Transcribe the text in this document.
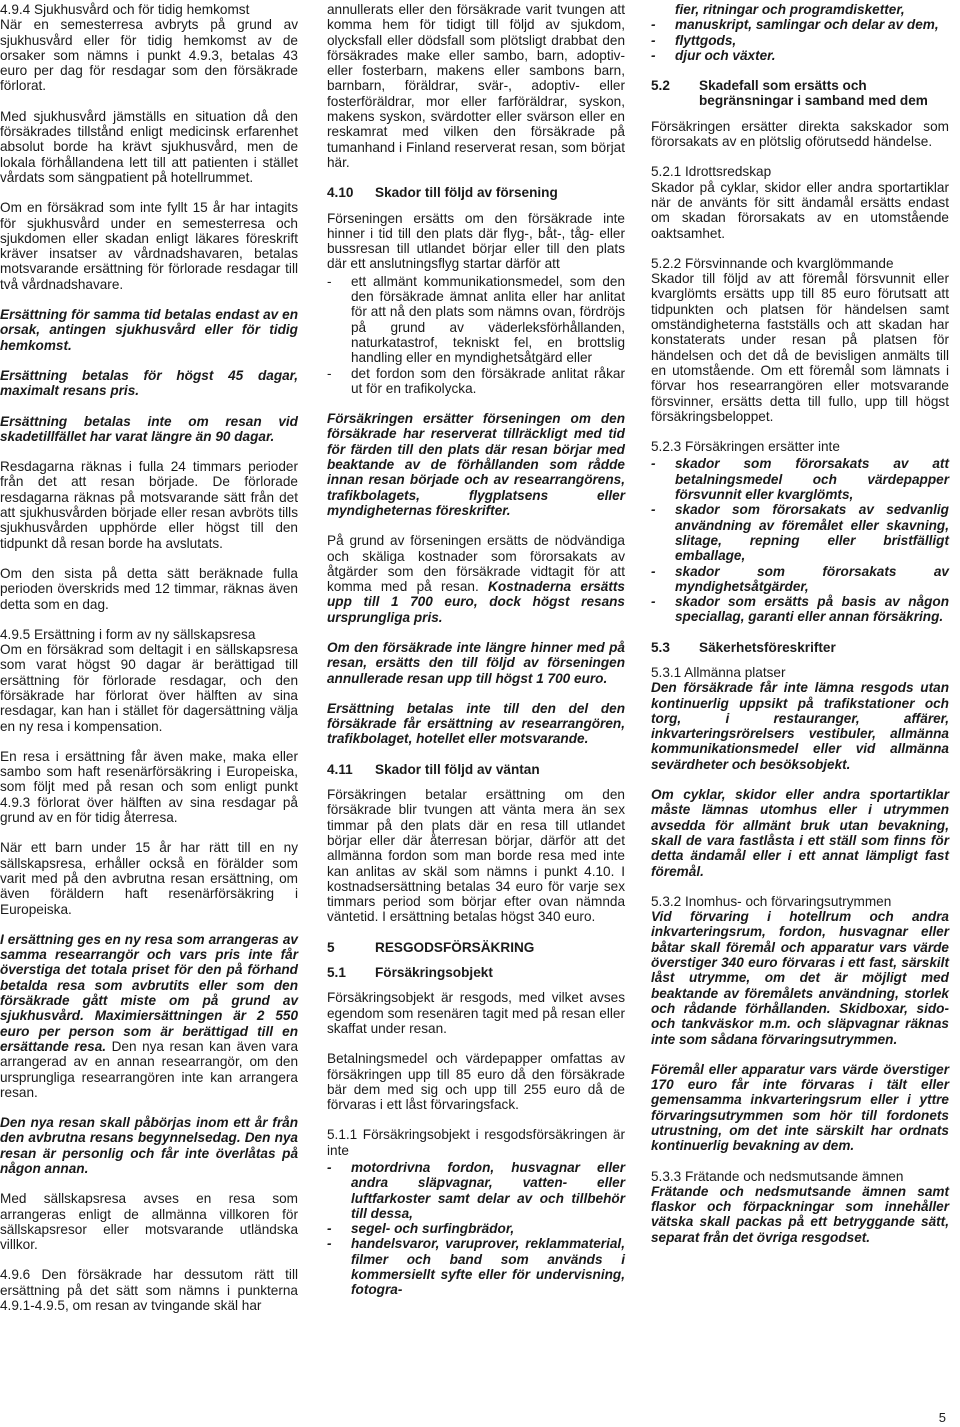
4.9.4 Sjukhusvård och för tidig hemkomst
När en semesterresa avbryts på grund av sjukhusvård eller för tidig hemkomst av de orsaker som nämns i punkt 4.9.3, betalas 43 euro per dag för resdagar som den försäkrade förlorat.
Med sjukhusvård jämställs en situation då den försäkrades tillstånd enligt medicinsk erfarenhet absolut borde ha krävt sjukhusvård, men de lokala förhållandena lett till att patienten i stället vårdats som sängpatient på hotellrummet.
Om en försäkrad som inte fyllt 15 år har intagits för sjukhusvård under en semesterresa och sjukdomen eller skadan enligt läkares föreskrift kräver insatser av vårdnadshavaren, betalas motsvarande ersättning för förlorade resdagar till två vårdnadshavare.
Ersättning för samma tid betalas endast av en orsak, antingen sjukhusvård eller för tidig hemkomst.
Ersättning betalas för högst 45 dagar, maximalt resans pris.
Ersättning betalas inte om resan vid skadetillfället har varat längre än 90 dagar.
Resdagarna räknas i fulla 24 timmars perioder från det att resan började. De förlorade resdagarna räknas på motsvarande sätt från det att sjukhusvården började eller resan avbröts tills sjukhusvården upphörde eller högst till den tidpunkt då resan borde ha avslutats.
Om den sista på detta sätt beräknade fulla perioden överskrids med 12 timmar, räknas även detta som en dag.
4.9.5 Ersättning i form av ny sällskapsresa
Om en försäkrad som deltagit i en sällskapsresa som varat högst 90 dagar är berättigad till ersättning för förlorade resdagar, och den försäkrade har förlorat över hälften av sina resdagar, kan han i stället för dagersättning välja en ny resa i kompensation.
En resa i ersättning får även make, maka eller sambo som haft resenärförsäkring i Europeiska, som följt med på resan och som enligt punkt 4.9.3 förlorat över hälften av sina resdagar på grund av en för tidig återresa.
När ett barn under 15 år har rätt till en ny sällskapsresa, erhåller också en förälder som varit med på den avbrutna resan ersättning, om även föräldern haft resenärförsäkring i Europeiska.
I ersättning ges en ny resa som arrangeras av samma researrangör och vars pris inte får överstiga det totala priset för den på förhand betalda resa som avbrutits eller som den försäkrade gått miste om på grund av sjukhusvård. Maximiersättningen är 2 550 euro per person som är berättigad till en ersättande resa. Den nya resan kan även vara arrangerad av en annan researrangör, om den ursprungliga researrangören inte kan arrangera resan.
Den nya resan skall påbörjas inom ett år från den avbrutna resans begynnelsedag. Den nya resan är personlig och får inte överlåtas på någon annan.
Med sällskapsresa avses en resa som arrangeras enligt de allmänna villkoren för sällskapsresor eller motsvarande utländska villkor.
4.9.6 Den försäkrade har dessutom rätt till ersättning på det sätt som nämns i punkterna 4.9.1-4.9.5, om resan av tvingande skäl har
annullerats eller den försäkrade varit tvungen att komma hem för tidigt till följd av sjukdom, olycksfall eller dödsfall som plötsligt drabbat den försäkrades make eller sambo, barn, adoptiv- eller fosterbarn, makens eller sambons barn, barnbarn, föräldrar, svär-, adoptiv- eller fosterföräldrar, mor eller farföräldrar, syskon, makens syskon, svärdotter eller svärson eller en reskamrat med vilken den försäkrade på tumanhand i Finland reserverat resan, som börjat här.
4.10	Skador till följd av försening
Förseningen ersätts om den försäkrade inte hinner i tid till den plats där flyg-, båt-, tåg- eller bussresan till utlandet börjar eller till den plats där ett anslutningsflyg startar därför att
-	ett allmänt kommunikationsmedel, som den den försäkrade ämnat anlita eller har anlitat för att nå den plats som nämns ovan, fördröjs på grund av väderleksförhållanden, naturkatastrof, tekniskt fel, en brottslig handling eller en myndighetsåtgärd eller
-	det fordon som den försäkrade anlitat råkar ut för en trafikolycka.
Försäkringen ersätter förseningen om den försäkrade har reserverat tillräckligt med tid för färden till den plats där resan börjar med beaktande av de förhållanden som rådde innan resan började och av researrangörens, trafikbolagets, flygplatsens eller myndigheternas föreskrifter.
På grund av förseningen ersätts de nödvändiga och skäliga kostnader som förorsakats av åtgärder som den försäkrade vidtagit för att komma med på resan. Kostnaderna ersätts upp till 1 700 euro, dock högst resans ursprungliga pris.
Om den försäkrade inte längre hinner med på resan, ersätts den till följd av förseningen annullerade resan upp till högst 1 700 euro.
Ersättning betalas inte till den del den försäkrade får ersättning av researrangören, trafikbolaget, hotellet eller motsvarande.
4.11	Skador till följd av väntan
Försäkringen betalar ersättning om den försäkrade blir tvungen att vänta mera än sex timmar på den plats där en resa till utlandet börjar eller där återresan börjar, därför att det allmänna fordon som man borde resa med inte kan anlitas av skäl som nämns i punkt 4.10. I kostnadsersättning betalas 34 euro för varje sex timmars period som börjar efter ovan nämnda väntetid. I ersättning betalas högst 340 euro.
5	RESGODSFÖRSÄKRING
5.1	Försäkringsobjekt
Försäkringsobjekt är resgods, med vilket avses egendom som resenären tagit med på resan eller skaffat under resan.
Betalningsmedel och värdepapper omfattas av försäkringen upp till 85 euro då den försäkrade bär dem med sig och upp till 255 euro då de förvaras i ett låst förvaringsfack.
5.1.1 Försäkringsobjekt i resgodsförsäkringen är inte
-	motordrivna fordon, husvagnar eller andra släpvagnar, vatten- eller luftfarkoster samt delar av och tillbehör till dessa,
-	segel- och surfingbrädor,
-	handelsvaror, varuprover, reklammaterial, filmer och band som används i kommersiellt syfte eller för undervisning, fotogra-
fier, ritningar och programdisketter,
-	manuskript, samlingar och delar av dem,
-	flyttgods,
-	djur och växter.
5.2	Skadefall som ersätts och
begränsningar i samband med dem
Försäkringen ersätter direkta sakskador som förorsakats av en plötslig oförutsedd händelse.
5.2.1 Idrottsredskap
Skador på cyklar, skidor eller andra sportartiklar när de använts för sitt ändamål ersätts endast om skadan förorsakats av en utomstående oaktsamhet.
5.2.2 Försvinnande och kvarglömmande
Skador till följd av att föremål försvunnit eller kvarglömts ersätts upp till 85 euro förutsatt att tidpunkten och platsen för händelsen samt omständigheterna fastställs och att skadan har konstaterats under resan på platsen för händelsen och det då de bevisligen anmälts till en utomstående. Om ett föremål som lämnats i förvar hos researrangören eller motsvarande försvinner, ersätts detta till fullo, upp till högst försäkringsbeloppet.
5.2.3 Försäkringen ersätter inte
-	skador som förorsakats av att betalningsmedel och värdepapper försvunnit eller kvarglömts,
-	skador som förorsakats av sedvanlig användning av föremålet eller skavning, slitage, repning eller bristfälligt emballage,
-	skador som förorsakats av myndighetsåtgärder,
-	skador som ersätts på basis av någon speciallag, garanti eller annan försäkring.
5.3	Säkerhetsföreskrifter
5.3.1 Allmänna platser
Den försäkrade får inte lämna resgods utan kontinuerlig uppsikt på trafikstationer och torg, i restauranger, affärer, inkvarteringsrörelsers vestibuler, allmänna kommunikationsmedel eller vid allmänna sevärdheter och besöksobjekt.
Om cyklar, skidor eller andra sportartiklar måste lämnas utomhus eller i utrymmen avsedda för allmänt bruk utan bevakning, skall de vara fastlåsta i ett ställ som finns för detta ändamål eller i ett annat lämpligt fast föremål.
5.3.2 Inomhus- och förvaringsutrymmen
Vid förvaring i hotellrum och andra inkvarteringsrum, fordon, husvagnar eller båtar skall föremål och apparatur vars värde överstiger 340 euro förvaras i ett fast, särskilt låst utrymme, om det är möjligt med beaktande av föremålets användning, storlek och rådande förhållanden. Skidboxar, sido- och tankväskor m.m. och släpvagnar räknas inte som sådana förvaringsutrymmen.
Föremål eller apparatur vars värde överstiger 170 euro får inte förvaras i tält eller gemensamma inkvarteringsrum eller i yttre förvaringsutrymmen som hör till fordonets utrustning, om det inte särskilt har ordnats kontinuerlig bevakning av dem.
5.3.3 Frätande och nedsmutsande ämnen
Frätande och nedsmutsande ämnen samt flaskor och förpackningar som innehåller vätska skall packas på ett betryggande sätt, separat från det övriga resgodset.
5
